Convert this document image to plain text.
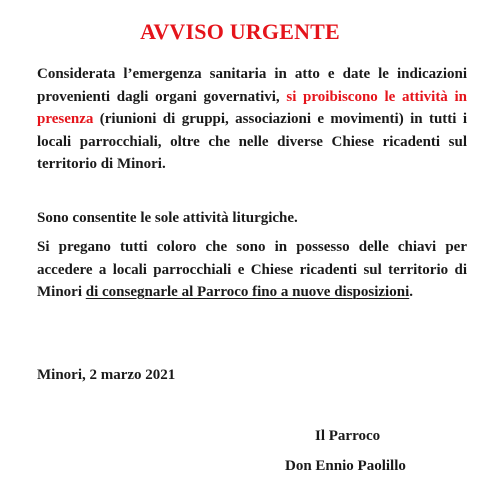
AVVISO URGENTE

Considerata l’emergenza sanitaria in atto e date le indicazioni provenienti dagli organi governativi, si proibiscono le attività in presenza (riunioni di gruppi, associazioni e movimenti) in tutti i locali parrocchiali, oltre che nelle diverse Chiese ricadenti sul territorio di Minori.

Sono consentite le sole attività liturgiche.

Si pregano tutti coloro che sono in possesso delle chiavi per accedere a locali parrocchiali e Chiese ricadenti sul territorio di Minori di consegnarle al Parroco fino a nuove disposizioni.

Minori, 2 marzo 2021
Il Parroco
Don Ennio Paolillo
